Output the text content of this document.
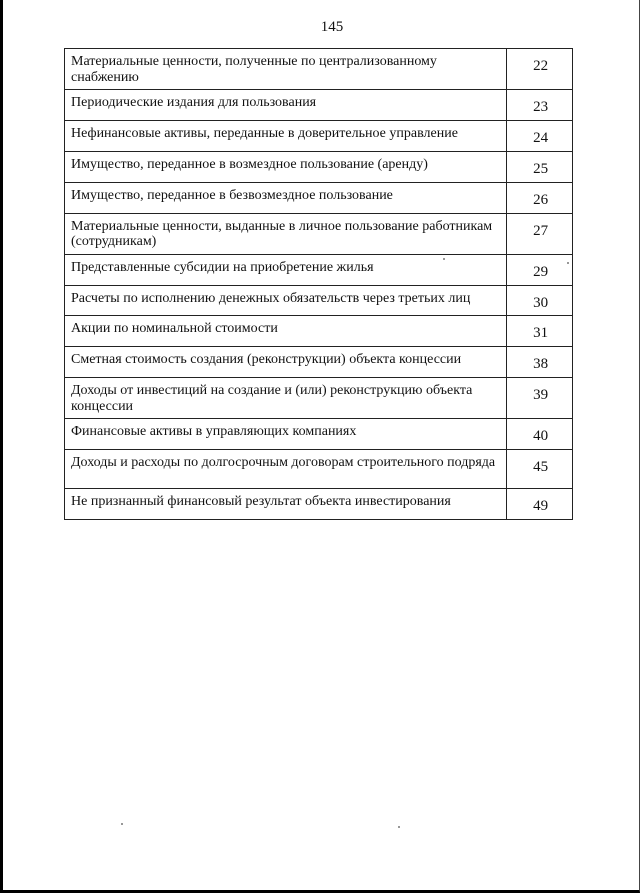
145
Материальные ценности, полученные по централизованному снабжению	22
Периодические издания для пользования	23
Нефинансовые активы, переданные в доверительное управление	24
Имущество, переданное в возмездное пользование (аренду)	25
Имущество, переданное в безвозмездное пользование	26
Материальные ценности, выданные в личное пользование работникам (сотрудникам)	27
Представленные субсидии на приобретение жилья	29
Расчеты по исполнению денежных обязательств через третьих лиц	30
Акции по номинальной стоимости	31
Сметная стоимость создания (реконструкции) объекта концессии	38
Доходы от инвестиций на создание и (или) реконструкцию объекта концессии	39
Финансовые активы в управляющих компаниях	40
Доходы и расходы по долгосрочным договорам строительного подряда	45
Не признанный финансовый результат объекта инвестирования	49
